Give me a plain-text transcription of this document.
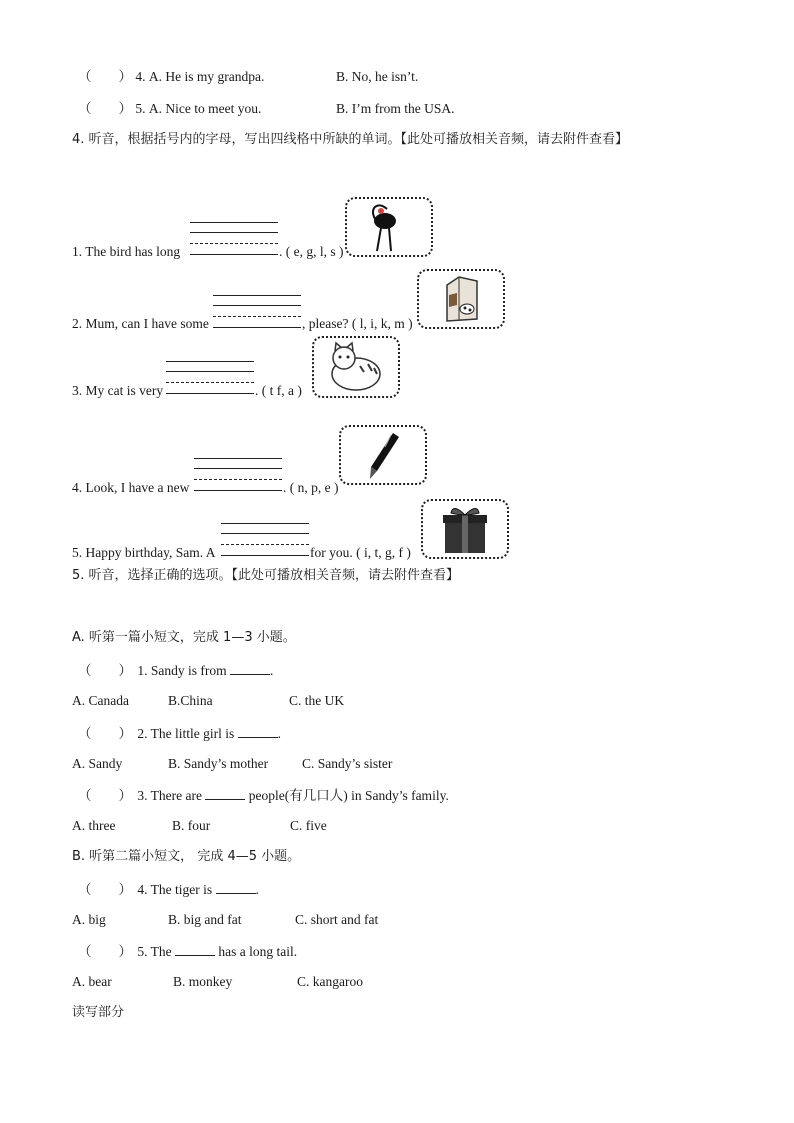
（　　） 4. A. He is my grandpa.	B. No, he isn’t.
（　　） 5. A. Nice to meet you.	B. I’m from the USA.
4. 听音，根据括号内的字母，写出四线格中所缺的单词。【此处可播放相关音频，请去附件查看】
1. The bird has long	. ( e, g, l, s )
2. Mum, can I have some	, please? ( l, i, k, m )
3. My cat is very	. ( t f, a )
4. Look, I have a new	. ( n, p, e )
5. Happy birthday, Sam. A	for you. ( i, t, g, f )
5. 听音，选择正确的选项。【此处可播放相关音频，请去附件查看】
A. 听第一篇小短文，完成 1—3 小题。
（　　） 1. Sandy is from	.
A. Canada	B.China	C. the UK
（　　） 2. The little girl is	.
A. Sandy	B. Sandy’s mother	C. Sandy’s sister
（　　） 3. There are	people(有几口人) in Sandy’s family.
A. three	B. four	C. five
B. 听第二篇小短文， 完成 4—5 小题。
（　　） 4. The tiger is	.
A. big	B. big and fat	C. short and fat
（　　） 5. The	has a long tail.
A. bear	B. monkey	C. kangaroo
读写部分
